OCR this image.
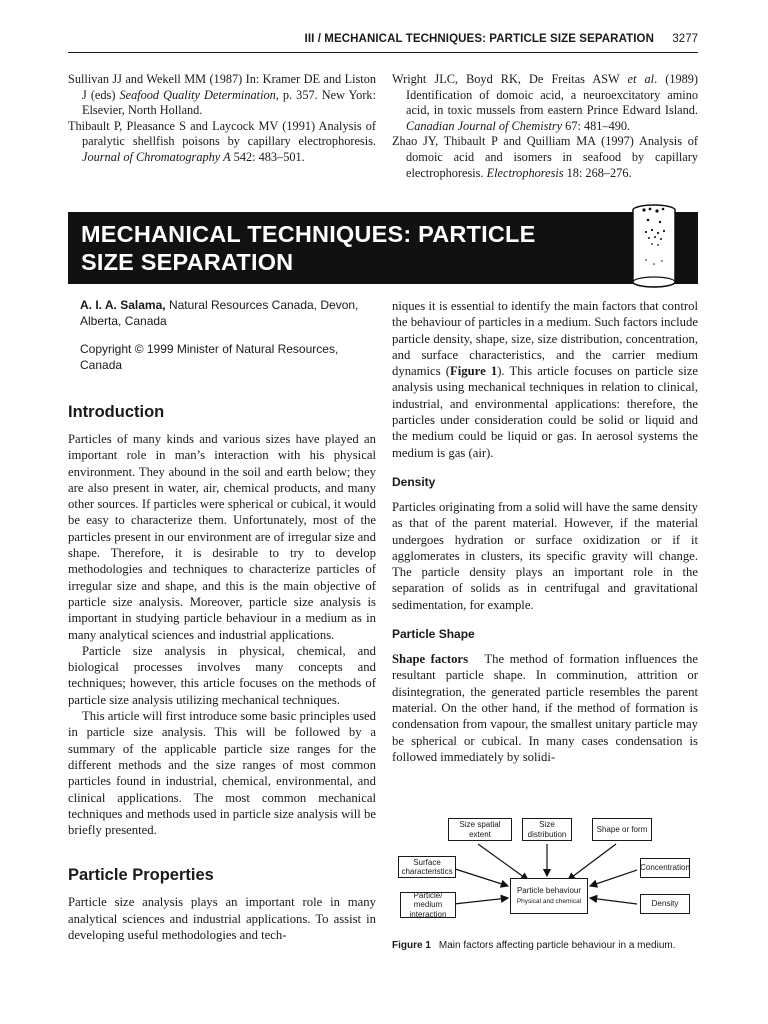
III / MECHANICAL TECHNIQUES: PARTICLE SIZE SEPARATION 3277

Sullivan JJ and Wekell MM (1987) In: Kramer DE and Liston J (eds) Seafood Quality Determination, p. 357. New York: Elsevier, North Holland.

Thibault P, Pleasance S and Laycock MV (1991) Analysis of paralytic shellfish poisons by capillary electrophoresis. Journal of Chromatography A 542: 483–501.

Wright JLC, Boyd RK, De Freitas ASW et al. (1989) Identification of domoic acid, a neuroexcitatory amino acid, in toxic mussels from eastern Prince Edward Island. Canadian Journal of Chemistry 67: 481–490.

Zhao JY, Thibault P and Quilliam MA (1997) Analysis of domoic acid and isomers in seafood by capillary electrophoresis. Electrophoresis 18: 268–276.

MECHANICAL TECHNIQUES: PARTICLE
SIZE SEPARATION

A. I. A. Salama, Natural Resources Canada, Devon, Alberta, Canada

Copyright © 1999 Minister of Natural Resources, Canada

Introduction

Particles of many kinds and various sizes have played an important role in man’s interaction with his physical environment. They abound in the soil and earth below; they are also present in water, air, chemical products, and many other sources. If particles were spherical or cubical, it would be easy to characterize them. Unfortunately, most of the particles present in our environment are of irregular size and shape. Therefore, it is desirable to try to develop methodologies and techniques to characterize particles of irregular size and shape, and this is the main objective of particle size analysis. Moreover, particle size analysis is important in studying particle behaviour in a medium as in many analytical sciences and industrial applications.

Particle size analysis in physical, chemical, and biological processes involves many concepts and techniques; however, this article focuses on the methods of particle size analysis utilizing mechanical techniques.

This article will first introduce some basic principles used in particle size analysis. This will be followed by a summary of the applicable particle size ranges for the different methods and the size ranges of most common particles found in industrial, chemical, environmental, and clinical applications. The most common mechanical techniques and methods used in particle size analysis will be briefly presented.

Particle Properties

Particle size analysis plays an important role in many analytical sciences and industrial applications. To assist in developing useful methodologies and tech-

niques it is essential to identify the main factors that control the behaviour of particles in a medium. Such factors include particle density, shape, size, size distribution, concentration, and surface characteristics, and the carrier medium dynamics (Figure 1). This article focuses on particle size analysis using mechanical techniques in relation to clinical, industrial, and environmental applications: therefore, the particles under consideration could be solid or liquid and the medium could be liquid or gas. In aerosol systems the medium is gas (air).

Density

Particles originating from a solid will have the same density as that of the parent material. However, if the material undergoes hydration or surface oxidization or if it agglomerates in clusters, its specific gravity will change. The particle density plays an important role in the separation of solids as in centrifugal and gravitational sedimentation, for example.

Particle Shape

Shape factors The method of formation influences the resultant particle shape. In comminution, attrition or disintegration, the generated particle resembles the parent material. On the other hand, if the method of formation is condensation from vapour, the smallest unitary particle may be spherical or cubical. In many cases condensation is followed immediately by solidi-

Size spatial extent
Size distribution
Shape or form
Surface characteristics	Concentration
Particle behaviour
Physical and chemical
Particle/ medium interaction
Density
Figure 1 Main factors affecting particle behaviour in a medium.
